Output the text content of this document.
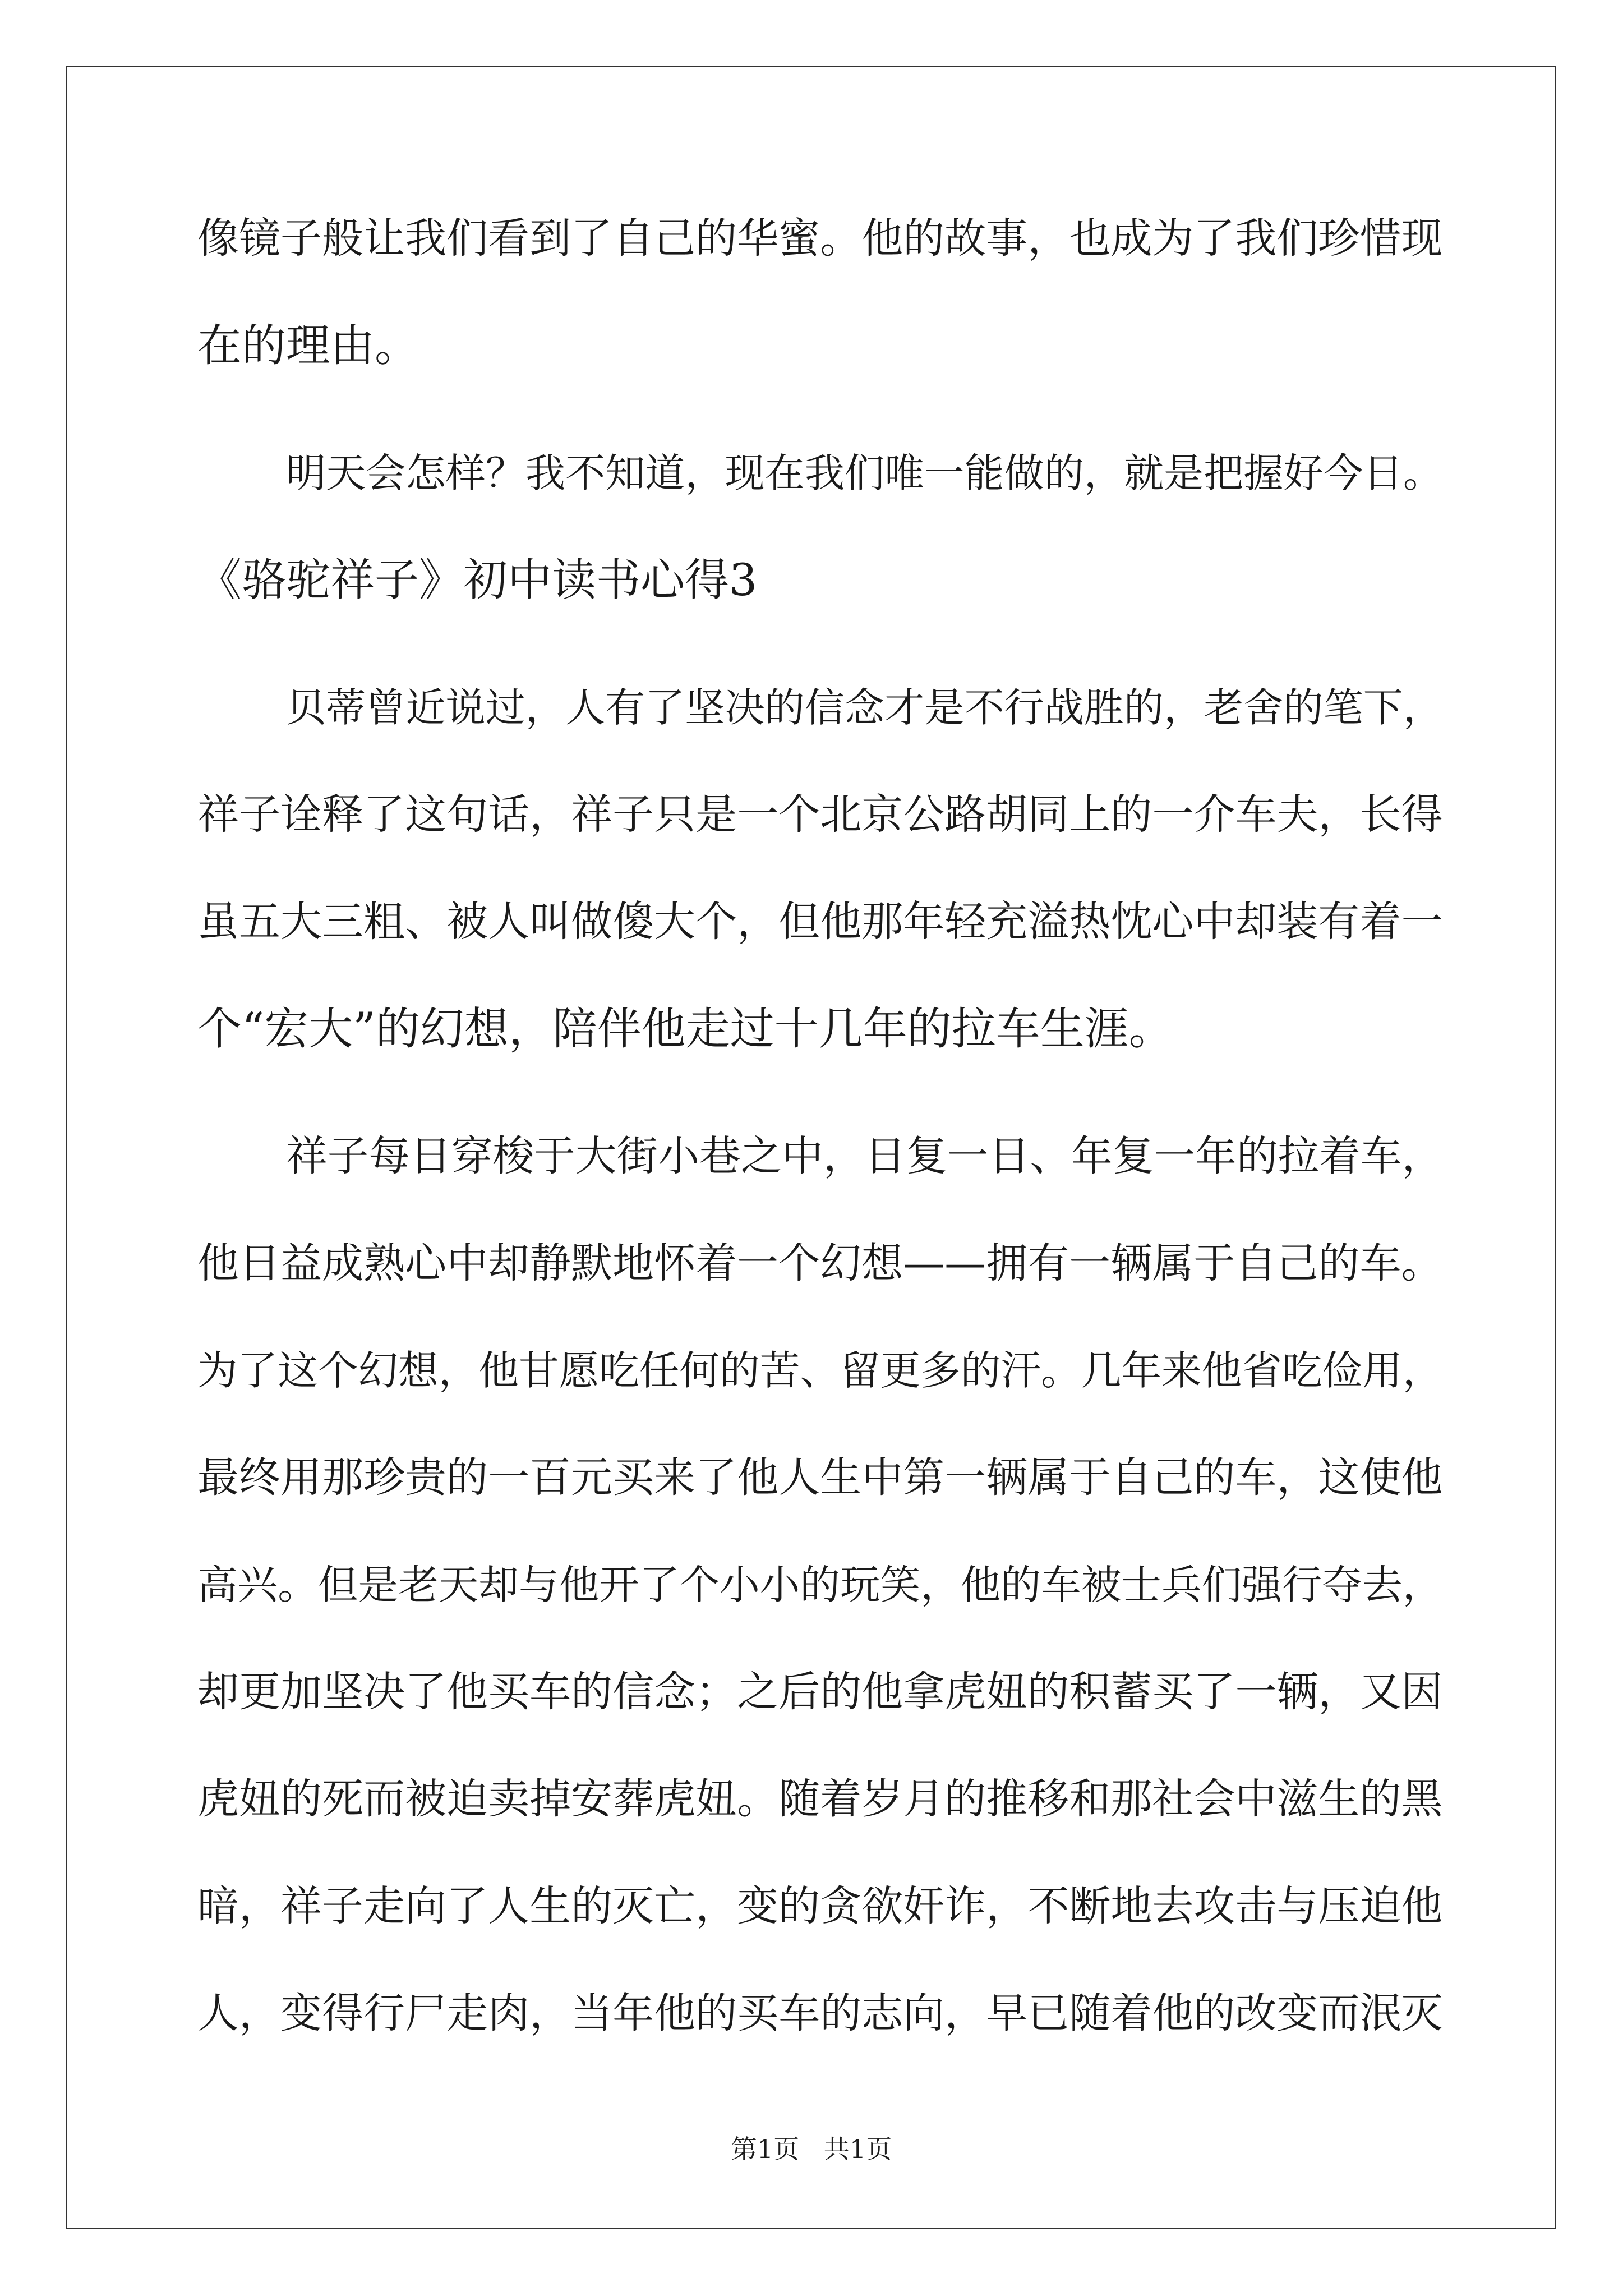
像镜子般让我们看到了自己的华蜜。他的故事，也成为了我们珍惜现
在的理由。
明天会怎样？我不知道，现在我们唯一能做的，就是把握好今日。
《骆驼祥子》初中读书心得3
贝蒂曾近说过，人有了坚决的信念才是不行战胜的，老舍的笔下，
祥子诠释了这句话，祥子只是一个北京公路胡同上的一介车夫，长得
虽五大三粗、被人叫做傻大个，但他那年轻充溢热忱心中却装有着一
个“宏大”的幻想，陪伴他走过十几年的拉车生涯。
祥子每日穿梭于大街小巷之中，日复一日、年复一年的拉着车，
他日益成熟心中却静默地怀着一个幻想——拥有一辆属于自己的车。
为了这个幻想，他甘愿吃任何的苦、留更多的汗。几年来他省吃俭用，
最终用那珍贵的一百元买来了他人生中第一辆属于自己的车，这使他
高兴。但是老天却与他开了个小小的玩笑，他的车被士兵们强行夺去，
却更加坚决了他买车的信念；之后的他拿虎妞的积蓄买了一辆，又因
虎妞的死而被迫卖掉安葬虎妞。随着岁月的推移和那社会中滋生的黑
暗，祥子走向了人生的灭亡，变的贪欲奸诈，不断地去攻击与压迫他
人，变得行尸走肉，当年他的买车的志向，早已随着他的改变而泯灭
第1页   共1页
